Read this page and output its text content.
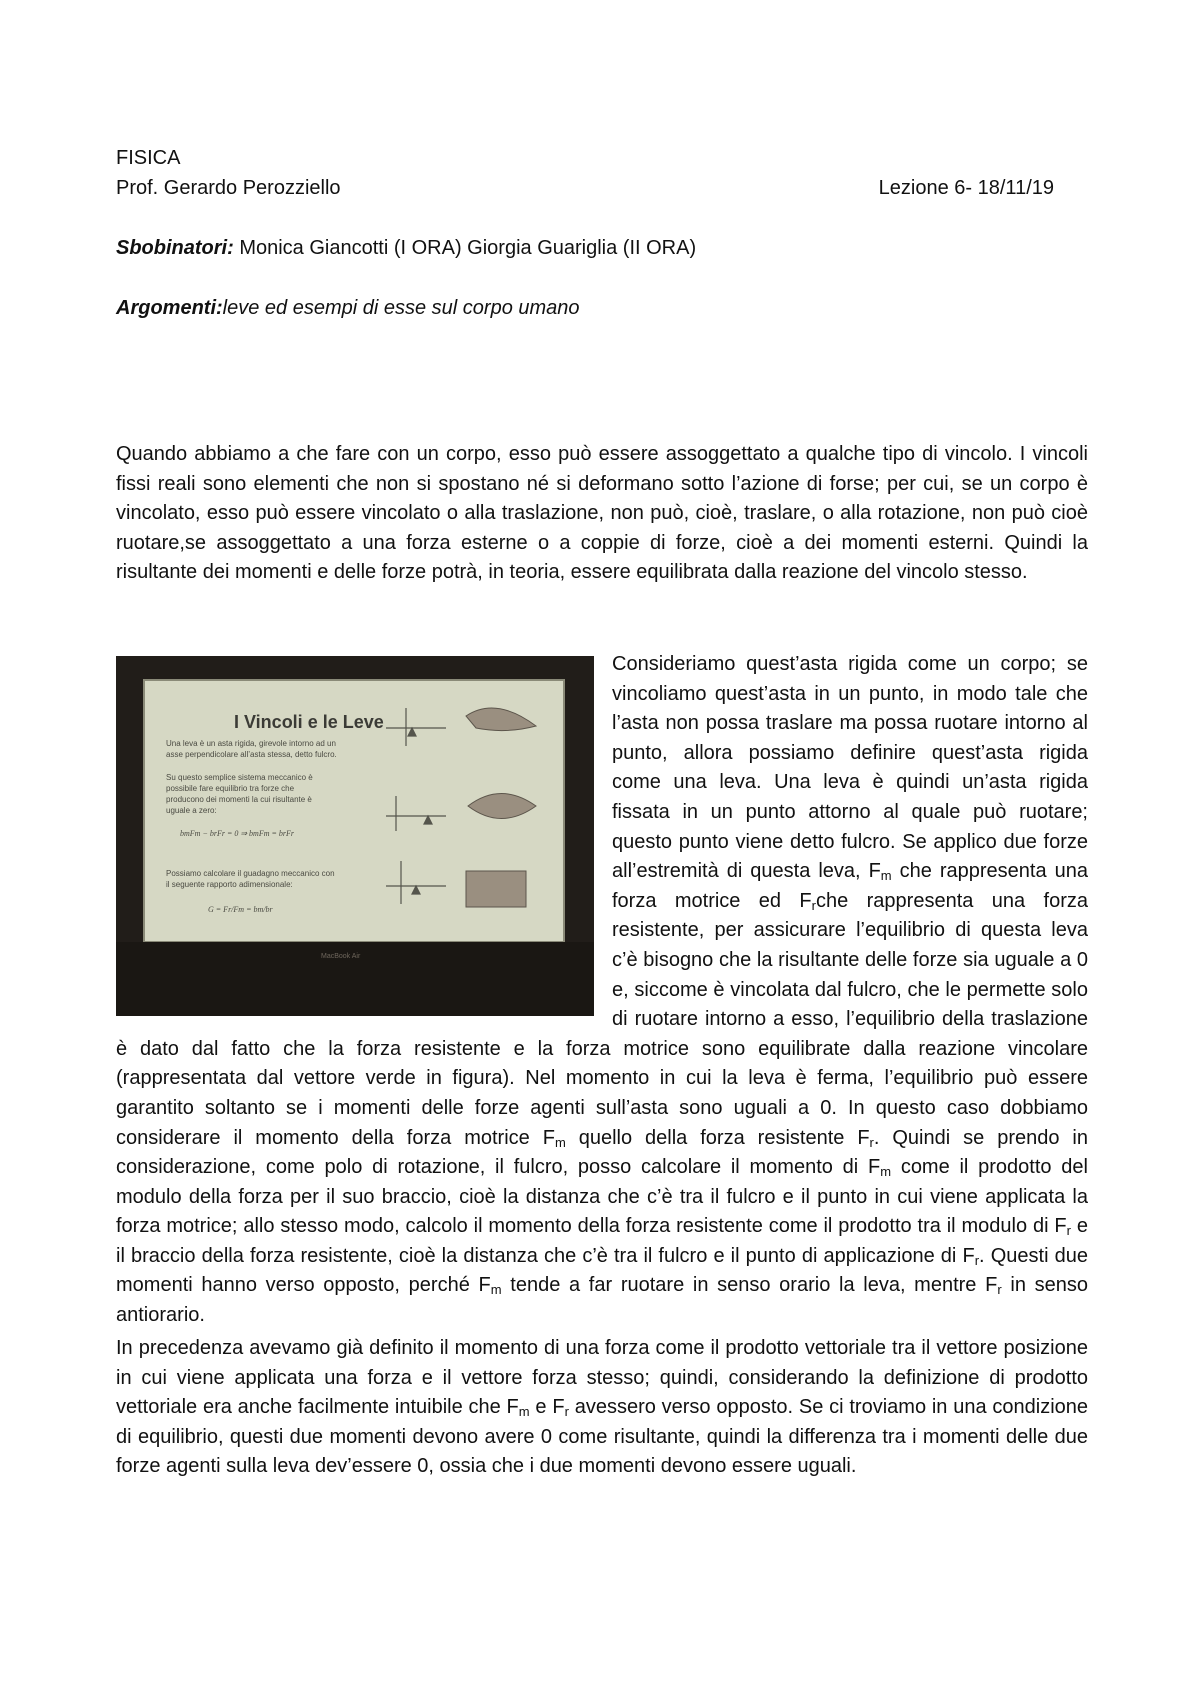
FISICA
Prof. Gerardo Perozziello	Lezione 6- 18/11/19
Sbobinatori: Monica Giancotti (I ORA) Giorgia Guariglia (II ORA)
Argomenti:leve ed esempi di esse sul corpo umano

Quando abbiamo a che fare con un corpo, esso può essere assoggettato a qualche tipo di vincolo. I vincoli fissi reali sono elementi che non si spostano né si deformano sotto l’azione di forse; per cui, se un corpo è vincolato, esso può essere vincolato o alla traslazione, non può, cioè, traslare, o alla rotazione, non può cioè ruotare,se assoggettato a una forza esterne o a coppie di forze, cioè a dei momenti esterni. Quindi la risultante dei momenti e delle forze potrà, in teoria, essere equilibrata dalla reazione del vincolo stesso.

I Vincoli e le Leve
Una leva è un asta rigida, girevole intorno ad un
asse perpendicolare all’asta stessa, detto fulcro.
Su questo semplice sistema meccanico è
possibile fare equilibrio tra forze che
producono dei momenti la cui risultante è
uguale a zero:
bmFm − brFr = 0 ⇒ bmFm = brFr
Possiamo calcolare il guadagno meccanico con
il seguente rapporto adimensionale:
G = Fr/Fm = bm/br
MacBook Air
Consideriamo quest’asta rigida come un corpo; se vincoliamo quest’asta in un punto, in modo tale che l’asta non possa traslare ma possa ruotare intorno al punto, allora possiamo definire quest’asta rigida come una leva. Una leva è quindi un’asta rigida fissata in un punto attorno al quale può ruotare; questo punto viene detto fulcro. Se applico due forze all’estremità di questa leva, $F_m$ che rappresenta una forza motrice ed $F_rche$ rappresenta una forza resistente, per assicurare l’equilibrio di questa leva c’è bisogno che la risultante delle forze sia uguale a 0 e, siccome è vincolata dal fulcro, che le permette solo di ruotare intorno a esso, l’equilibrio della traslazione è dato dal fatto che la forza resistente e la forza motrice sono equilibrate dalla reazione vincolare (rappresentata dal vettore verde in figura). Nel momento in cui la leva è ferma, l’equilibrio può essere garantito soltanto se i momenti delle forze agenti sull’asta sono uguali a 0. In questo caso dobbiamo considerare il momento della forza motrice $F_m$ quello della forza resistente $F_r$. Quindi se prendo in considerazione, come polo di rotazione, il fulcro, posso calcolare il momento di $F_m$ come il prodotto del modulo della forza per il suo braccio, cioè la distanza che c’è tra il fulcro e il punto in cui viene applicata la forza motrice; allo stesso modo, calcolo il momento della forza resistente come il prodotto tra il modulo di $F_r$ e il braccio della forza resistente, cioè la distanza che c’è tra il fulcro e il punto di applicazione di $F_r$. Questi due momenti hanno verso opposto, perché $F_m$ tende a far ruotare in senso orario la leva, mentre $F_r$ in senso antiorario.

In precedenza avevamo già definito il momento di una forza come il prodotto vettoriale tra il vettore posizione in cui viene applicata una forza e il vettore forza stesso; quindi, considerando la definizione di prodotto vettoriale era anche facilmente intuibile che $F_m$ e $F_r$ avessero verso opposto. Se ci troviamo in una condizione di equilibrio, questi due momenti devono avere 0 come risultante, quindi la differenza tra i momenti delle due forze agenti sulla leva dev’essere 0, ossia che i due momenti devono essere uguali.
